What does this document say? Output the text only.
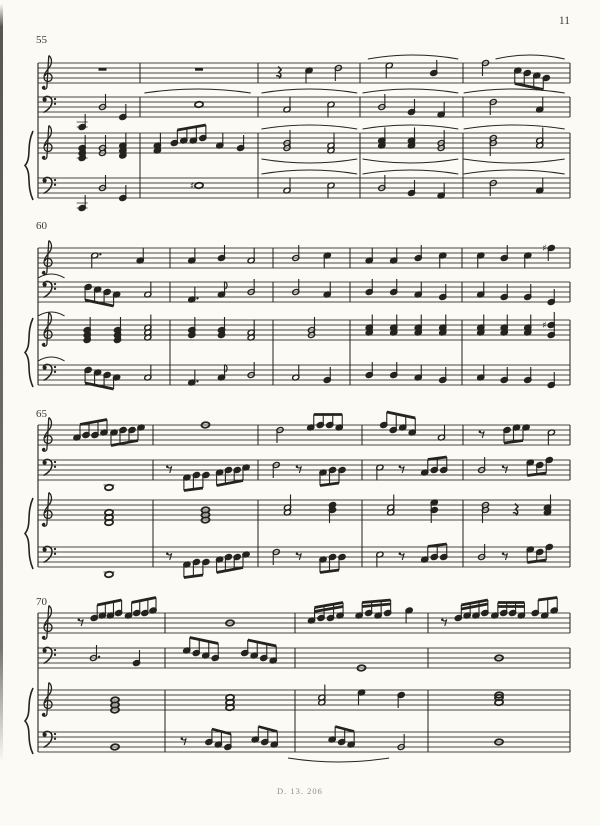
11
♯
♯
♯
D. 13. 206
55
60
65
70
